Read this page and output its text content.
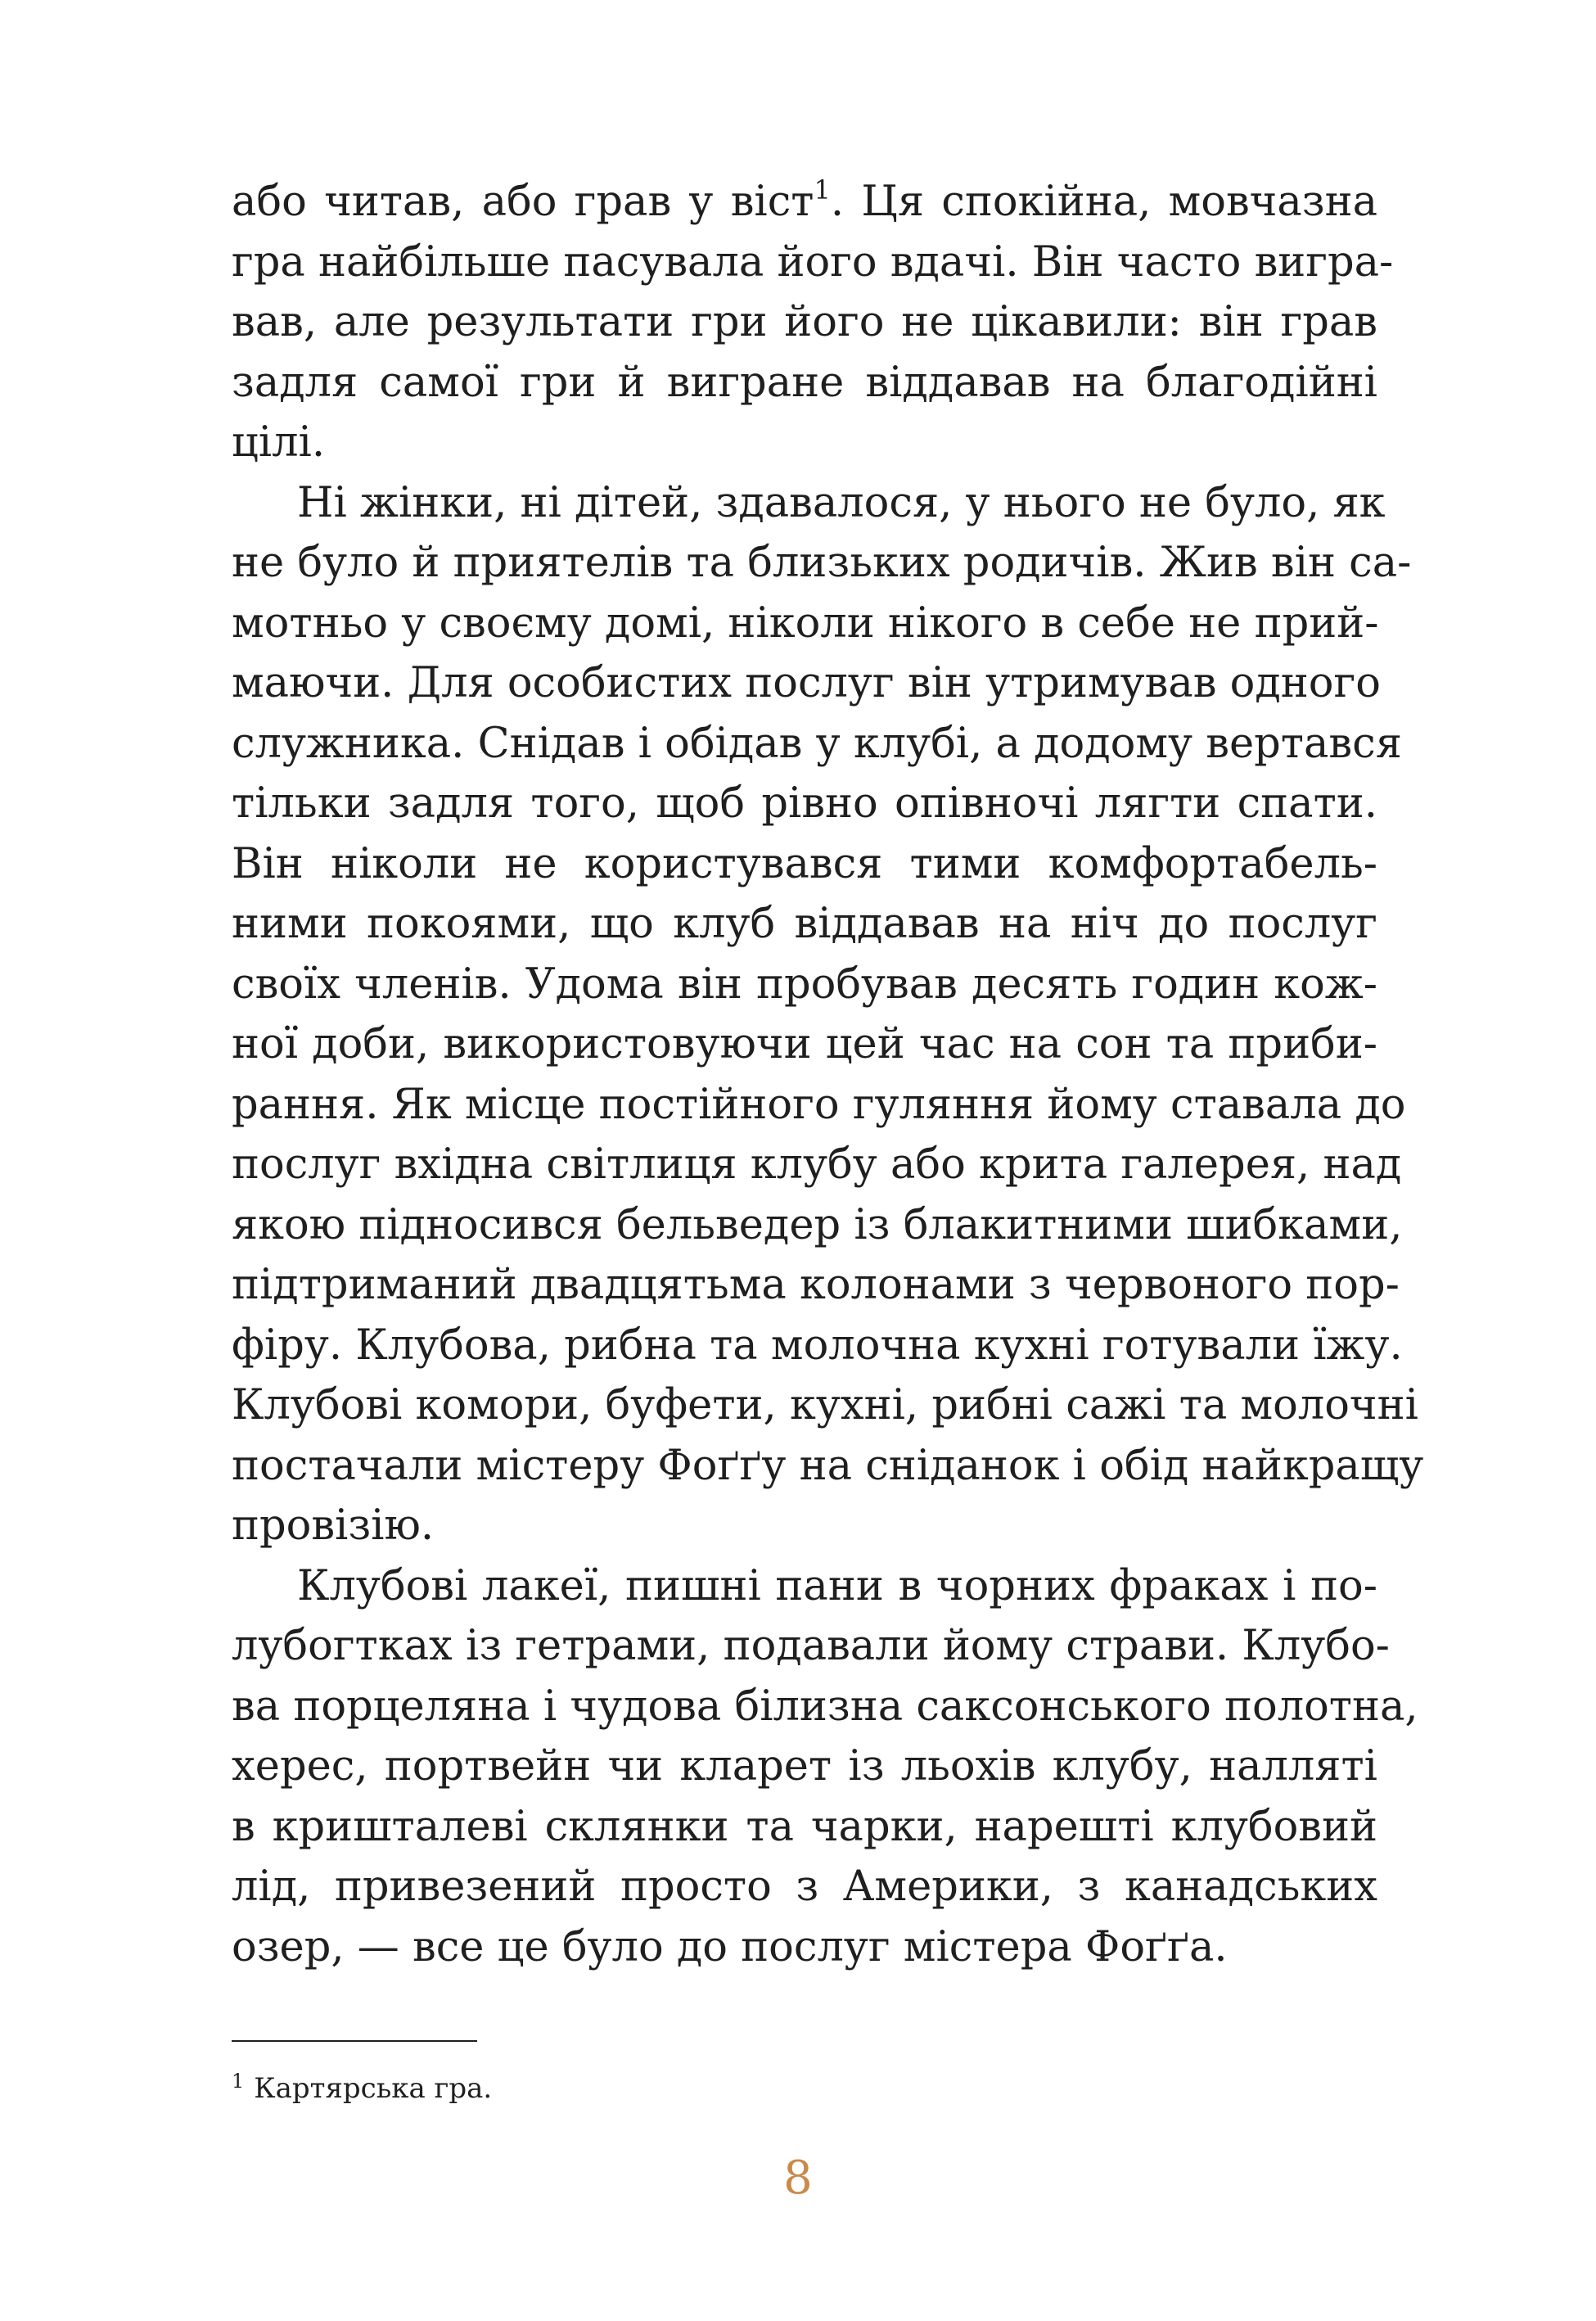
або читав, або грав у віст$^1$. Ця спокійна, мовчазна
гра найбільше пасувала його вдачі. Він часто вигра-
вав, але результати гри його не цікавили: він грав
задля самої гри й вигране віддавав на благодійні
цілі.
Ні жінки, ні дітей, здавалося, у нього не було, як
не було й приятелів та близьких родичів. Жив він са-
мотньо у своєму домі, ніколи нікого в себе не прий-
маючи. Для особистих послуг він утримував одного
служника. Снідав і обідав у клубі, а додому вертався
тільки задля того, щоб рівно опівночі лягти спати.
Він ніколи не користувався тими комфортабель-
ними покоями, що клуб віддавав на ніч до послуг
своїх членів. Удома він пробував десять годин кож-
ної доби, використовуючи цей час на сон та приби-
рання. Як місце постійного гуляння йому ставала до
послуг вхідна світлиця клубу або крита галерея, над
якою підносився бельведер із блакитними шибками,
підтриманий двадцятьма колонами з червоного пор-
фіру. Клубова, рибна та молочна кухні готували їжу.
Клубові комори, буфети, кухні, рибні сажі та молочні
постачали містеру Фоґґу на сніданок і обід найкращу
провізію.
Клубові лакеї, пишні пани в чорних фраках і по-
лубогтках із гетрами, подавали йому страви. Клубо-
ва порцеляна і чудова білизна саксонського полотна,
херес, портвейн чи кларет із льохів клубу, налляті
в кришталеві склянки та чарки, нарешті клубовий
лід, привезений просто з Америки, з канадських
озер, — все це було до послуг містера Фоґґа.
$^1$ Картярська гра.
8
